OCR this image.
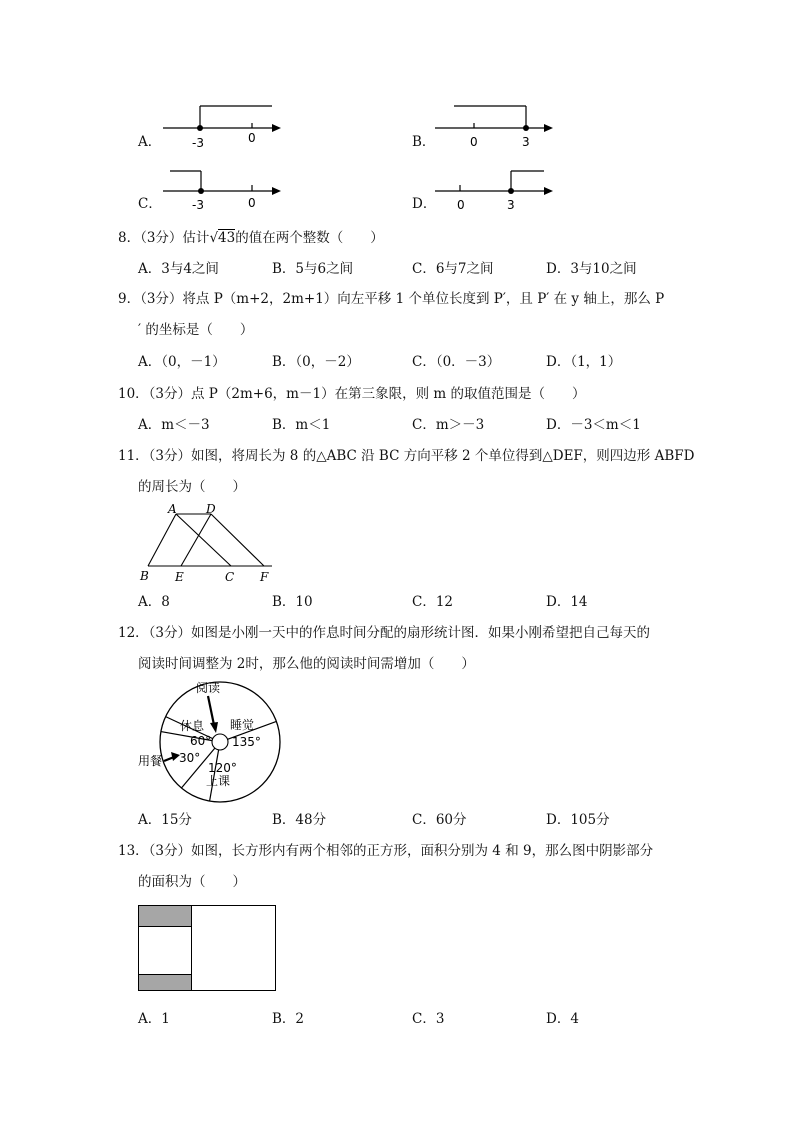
A．	-3	0	B．	0	3
C．	-3	0	D． 0	3
8．（3分）估计√43的值在两个整数（　　）
A．3与4之间	B．5与6之间	C．6与7之间	D．3与10之间
9．（3分）将点 P（m+2，2m+1）向左平移 1 个单位长度到 P′，且 P′ 在 y 轴上，那么 P
′ 的坐标是（　　）
A．（0，－1）	B．（0，－2）	C．（0．－3）	D．（1，1）
10．（3分）点 P（2m+6，m－1）在第三象限，则 m 的取值范围是（　　）
A．m＜－3	B．m＜1	C．m＞－3	D．－3＜m＜1
11．（3分）如图，将周长为 8 的△ABC 沿 BC 方向平移 2 个单位得到△DEF，则四边形 ABFD
的周长为（　　）
A D
B E	C F
A．8	B．10	C．12	D．14
12．（3分）如图是小刚一天中的作息时间分配的扇形统计图．如果小刚希望把自己每天的
阅读时间调整为 2时，那么他的阅读时间需增加（　　）
阅读
睡觉
135°
休息
60°
30°
用餐	120°
上课
A．15分	B．48分	C．60分	D．105分
13．（3分）如图，长方形内有两个相邻的正方形，面积分别为 4 和 9，那么图中阴影部分
的面积为（　　）
A．1	B．2	C．3	D．4
